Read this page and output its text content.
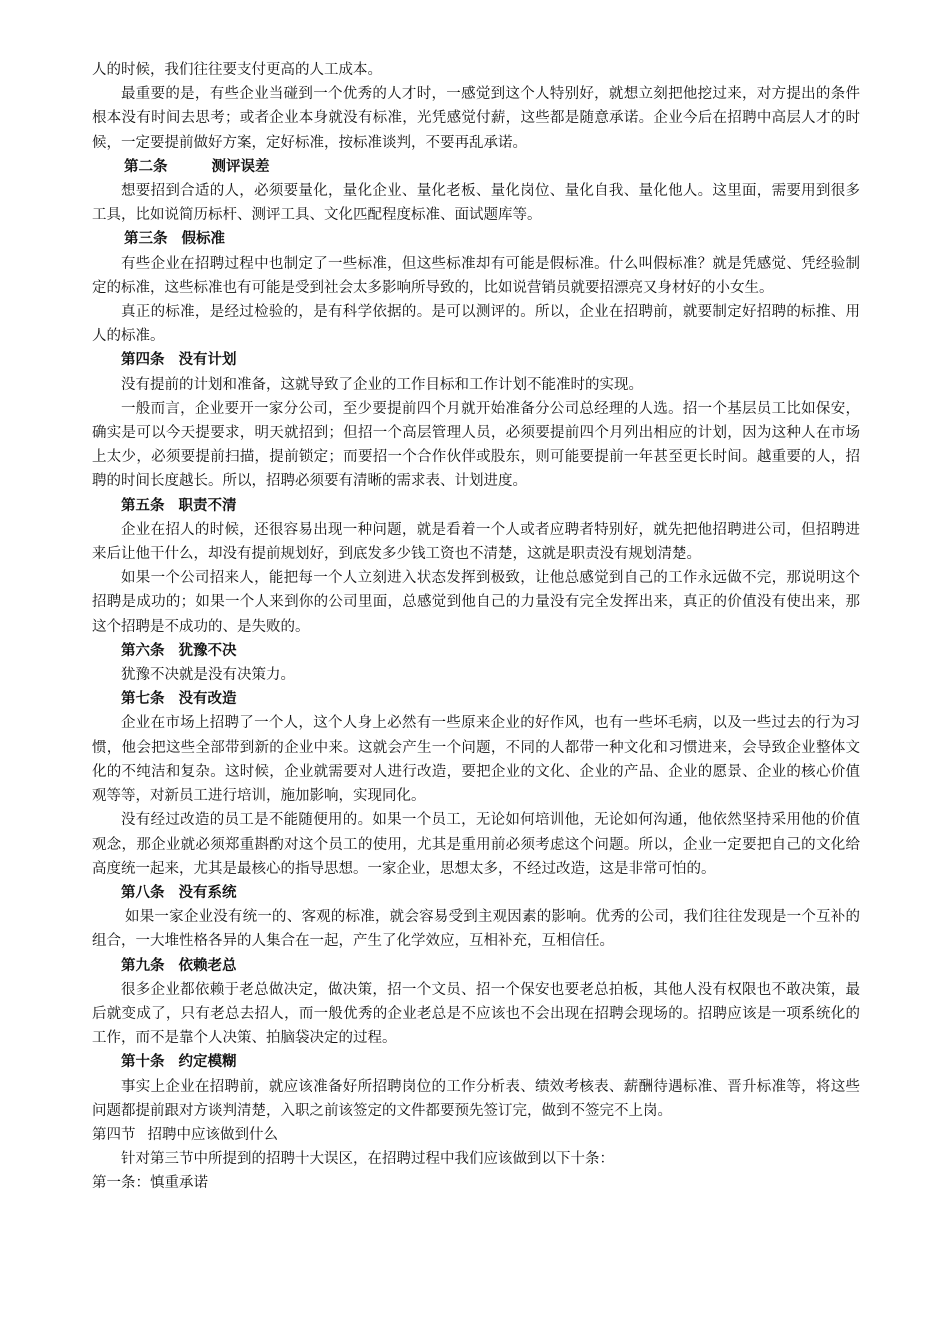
人的时候，我们往往要支付更高的人工成本。

最重要的是，有些企业当碰到一个优秀的人才时，一感觉到这个人特别好，就想立刻把他挖过来，对方提出的条件根本没有时间去思考；或者企业本身就没有标准，光凭感觉付薪，这些都是随意承诺。企业今后在招聘中高层人才的时候，一定要提前做好方案，定好标准，按标准谈判，不要再乱承诺。

第二条	测评误差

想要招到合适的人，必须要量化，量化企业、量化老板、量化岗位、量化自我、量化他人。这里面，需要用到很多工具，比如说简历标杆、测评工具、文化匹配程度标准、面试题库等。

第三条 假标准

有些企业在招聘过程中也制定了一些标准，但这些标准却有可能是假标准。什么叫假标准？就是凭感觉、凭经验制定的标准，这些标准也有可能是受到社会太多影响所导致的，比如说营销员就要招漂亮又身材好的小女生。

真正的标准，是经过检验的，是有科学依据的。是可以测评的。所以，企业在招聘前，就要制定好招聘的标推、用人的标准。

第四条 没有计划

没有提前的计划和准备，这就导致了企业的工作目标和工作计划不能准时的实现。

一般而言，企业要开一家分公司，至少要提前四个月就开始准备分公司总经理的人选。招一个基层员工比如保安，确实是可以今天提要求，明天就招到；但招一个高层管理人员，必须要提前四个月列出相应的计划，因为这种人在市场上太少，必须要提前扫描，提前锁定；而要招一个合作伙伴或股东，则可能要提前一年甚至更长时间。越重要的人，招聘的时间长度越长。所以，招聘必须要有清晰的需求表、计划进度。

第五条 职责不清

企业在招人的时候，还很容易出现一种问题，就是看着一个人或者应聘者特别好，就先把他招聘进公司，但招聘进来后让他干什么，却没有提前规划好，到底发多少钱工资也不清楚，这就是职责没有规划清楚。

如果一个公司招来人，能把每一个人立刻进入状态发挥到极致，让他总感觉到自己的工作永远做不完，那说明这个招聘是成功的；如果一个人来到你的公司里面，总感觉到他自己的力量没有完全发挥出来，真正的价值没有使出来，那这个招聘是不成功的、是失败的。

第六条 犹豫不决

犹豫不决就是没有决策力。

第七条 没有改造

企业在市场上招聘了一个人，这个人身上必然有一些原来企业的好作风，也有一些坏毛病，以及一些过去的行为习惯，他会把这些全部带到新的企业中来。这就会产生一个问题，不同的人都带一种文化和习惯进来，会导致企业整体文化的不纯洁和复杂。这时候，企业就需要对人进行改造，要把企业的文化、企业的产品、企业的愿景、企业的核心价值观等等，对新员工进行培训，施加影响，实现同化。

没有经过改造的员工是不能随便用的。如果一个员工，无论如何培训他，无论如何沟通，他依然坚持采用他的价值观念，那企业就必须郑重斟酌对这个员工的使用，尤其是重用前必须考虑这个问题。所以，企业一定要把自己的文化给高度统一起来，尤其是最核心的指导思想。一家企业，思想太多，不经过改造，这是非常可怕的。

第八条 没有系统

如果一家企业没有统一的、客观的标准，就会容易受到主观因素的影响。优秀的公司，我们往往发现是一个互补的组合，一大堆性格各异的人集合在一起，产生了化学效应，互相补充，互相信任。

第九条 依赖老总

很多企业都依赖于老总做决定，做决策，招一个文员、招一个保安也要老总拍板，其他人没有权限也不敢决策，最后就变成了，只有老总去招人，而一般优秀的企业老总是不应该也不会出现在招聘会现场的。招聘应该是一项系统化的工作，而不是靠个人决策、拍脑袋决定的过程。

第十条 约定模糊

事实上企业在招聘前，就应该准备好所招聘岗位的工作分析表、绩效考核表、薪酬待遇标准、晋升标准等，将这些问题都提前跟对方谈判清楚，入职之前该签定的文件都要预先签订完，做到不签完不上岗。

第四节 招聘中应该做到什么

针对第三节中所提到的招聘十大误区，在招聘过程中我们应该做到以下十条：

第一条：慎重承诺
